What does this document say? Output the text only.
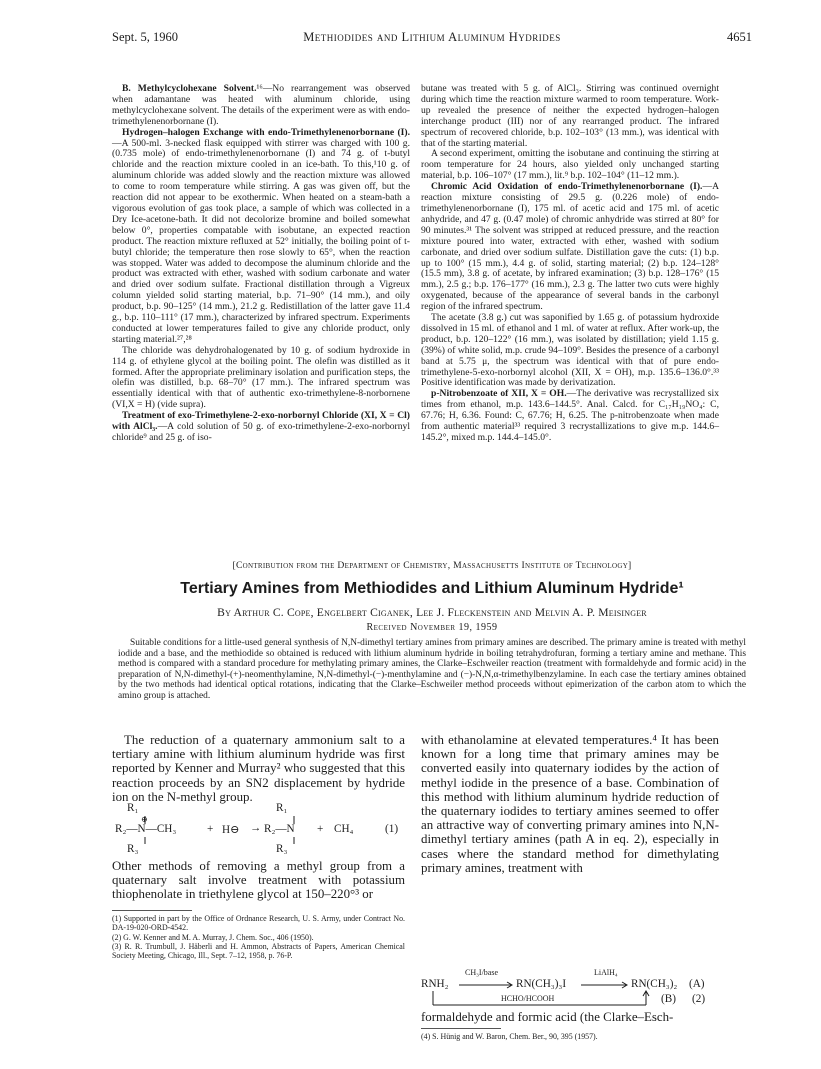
Sept. 5, 1960	Methiodides and Lithium Aluminum Hydrides	4651

B. Methylcyclohexane Solvent.¹⁶—No rearrangement was observed when adamantane was heated with aluminum chloride, using methylcyclohexane solvent. The details of the experiment were as with endo-trimethylenenorbornane (I).

Hydrogen–halogen Exchange with endo-Trimethylenenorbornane (I).—A 500-ml. 3-necked flask equipped with stirrer was charged with 100 g. (0.735 mole) of endo-trimethylenenorbornane (I) and 74 g. of t-butyl chloride and the reaction mixture cooled in an ice-bath. To this,¹10 g. of aluminum chloride was added slowly and the reaction mixture was allowed to come to room temperature while stirring. A gas was given off, but the reaction did not appear to be exothermic. When heated on a steam-bath a vigorous evolution of gas took place, a sample of which was collected in a Dry Ice-acetone-bath. It did not decolorize bromine and boiled somewhat below 0°, properties compatable with isobutane, an expected reaction product. The reaction mixture refluxed at 52° initially, the boiling point of t-butyl chloride; the temperature then rose slowly to 65°, when the reaction was stopped. Water was added to decompose the aluminum chloride and the product was extracted with ether, washed with sodium carbonate and water and dried over sodium sulfate. Fractional distillation through a Vigreux column yielded solid starting material, b.p. 71–90° (14 mm.), and oily product, b.p. 90–125° (14 mm.), 21.2 g. Redistillation of the latter gave 11.4 g., b.p. 110–111° (17 mm.), characterized by infrared spectrum. Experiments conducted at lower temperatures failed to give any chloride product, only starting material.²⁷,²⁸

The chloride was dehydrohalogenated by 10 g. of sodium hydroxide in 114 g. of ethylene glycol at the boiling point. The olefin was distilled as it formed. After the appropriate preliminary isolation and purification steps, the olefin was distilled, b.p. 68–70° (17 mm.). The infrared spectrum was essentially identical with that of authentic exo-trimethylene-8-norbornene (VI,X = H) (vide supra).

Treatment of exo-Trimethylene-2-exo-norbornyl Chloride (XI, X = Cl) with AlCl₃.—A cold solution of 50 g. of exo-trimethylene-2-exo-norbornyl chloride⁹ and 25 g. of iso-

butane was treated with 5 g. of AlCl₃. Stirring was continued overnight during which time the reaction mixture warmed to room temperature. Work-up revealed the presence of neither the expected hydrogen–halogen interchange product (III) nor of any rearranged product. The infrared spectrum of recovered chloride, b.p. 102–103° (13 mm.), was identical with that of the starting material.

A second experiment, omitting the isobutane and continuing the stirring at room temperature for 24 hours, also yielded only unchanged starting material, b.p. 106–107° (17 mm.), lit.⁹ b.p. 102–104° (11–12 mm.).

Chromic Acid Oxidation of endo-Trimethylenenorbornane (I).—A reaction mixture consisting of 29.5 g. (0.226 mole) of endo-trimethylenenorbornane (I), 175 ml. of acetic acid and 175 ml. of acetic anhydride, and 47 g. (0.47 mole) of chromic anhydride was stirred at 80° for 90 minutes.³¹ The solvent was stripped at reduced pressure, and the reaction mixture poured into water, extracted with ether, washed with sodium carbonate, and dried over sodium sulfate. Distillation gave the cuts: (1) b.p. up to 100° (15 mm.), 4.4 g. of solid, starting material; (2) b.p. 124–128° (15.5 mm), 3.8 g. of acetate, by infrared examination; (3) b.p. 128–176° (15 mm.), 2.5 g.; b.p. 176–177° (16 mm.), 2.3 g. The latter two cuts were highly oxygenated, because of the appearance of several bands in the carbonyl region of the infrared spectrum.

The acetate (3.8 g.) cut was saponified by 1.65 g. of potassium hydroxide dissolved in 15 ml. of ethanol and 1 ml. of water at reflux. After work-up, the product, b.p. 120–122° (16 mm.), was isolated by distillation; yield 1.15 g. (39%) of white solid, m.p. crude 94–109°. Besides the presence of a carbonyl band at 5.75 μ, the spectrum was identical with that of pure endo-trimethylene-5-exo-norbornyl alcohol (XII, X = OH), m.p. 135.6–136.0°.³³ Positive identification was made by derivatization.

p-Nitrobenzoate of XII, X = OH.—The derivative was recrystallized six times from ethanol, m.p. 143.6–144.5°. Anal. Calcd. for C₁₇H₁₉NO₄: C, 67.76; H, 6.36. Found: C, 67.76; H, 6.25. The p-nitrobenzoate when made from authentic material³³ required 3 recrystallizations to give m.p. 144.6–145.2°, mixed m.p. 144.4–145.0°.

[Contribution from the Department of Chemistry, Massachusetts Institute of Technology]
Tertiary Amines from Methiodides and Lithium Aluminum Hydride¹
By Arthur C. Cope, Engelbert Ciganek, Lee J. Fleckenstein and Melvin A. P. Meisinger
Received November 19, 1959

Suitable conditions for a little-used general synthesis of N,N-dimethyl tertiary amines from primary amines are described. The primary amine is treated with methyl iodide and a base, and the methiodide so obtained is reduced with lithium aluminum hydride in boiling tetrahydrofuran, forming a tertiary amine and methane. This method is compared with a standard procedure for methylating primary amines, the Clarke–Eschweiler reaction (treatment with formaldehyde and formic acid) in the preparation of N,N-dimethyl-(+)-neomenthylamine, N,N-dimethyl-(−)-menthylamine and (−)-N,N,α-trimethylbenzylamine. In each case the tertiary amines obtained by the two methods had identical optical rotations, indicating that the Clarke–Eschweiler method proceeds without epimerization of the carbon atom to which the amino group is attached.

The reduction of a quaternary ammonium salt to a tertiary amine with lithium aluminum hydride was first reported by Kenner and Murray² who suggested that this reaction proceeds by an SN2 displacement by hydride ion on the N-methyl group.

R₁
⊕
R₂—N—CH₃
R₃
+ H⊖ →
R₁
R₂—N
R₃
+ CH₄	(1)

Other methods of removing a methyl group from a quaternary salt involve treatment with potassium thiophenolate in triethylene glycol at 150–220°³ or

(1) Supported in part by the Office of Ordnance Research, U. S. Army, under Contract No. DA-19-020-ORD-4542.

(2) G. W. Kenner and M. A. Murray, J. Chem. Soc., 406 (1950).

(3) R. R. Trumbull, J. Häberli and H. Ammon, Abstracts of Papers, American Chemical Society Meeting, Chicago, Ill., Sept. 7–12, 1958, p. 76-P.

with ethanolamine at elevated temperatures.⁴ It has been known for a long time that primary amines may be converted easily into quaternary iodides by the action of methyl iodide in the presence of a base. Combination of this method with lithium aluminum hydride reduction of the quaternary iodides to tertiary amines seemed to offer an attractive way of converting primary amines into N,N-dimethyl tertiary amines (path A in eq. 2), especially in cases where the standard method for dimethylating primary amines, treatment with

CH₃I/base	LiAlH₄
RNH₂	RN(CH₃)₃I	RN(CH₃)₂ (A)
HCHO/HCOOH	(B) (2)

formaldehyde and formic acid (the Clarke–Esch-

(4) S. Hünig and W. Baron, Chem. Ber., 90, 395 (1957).
